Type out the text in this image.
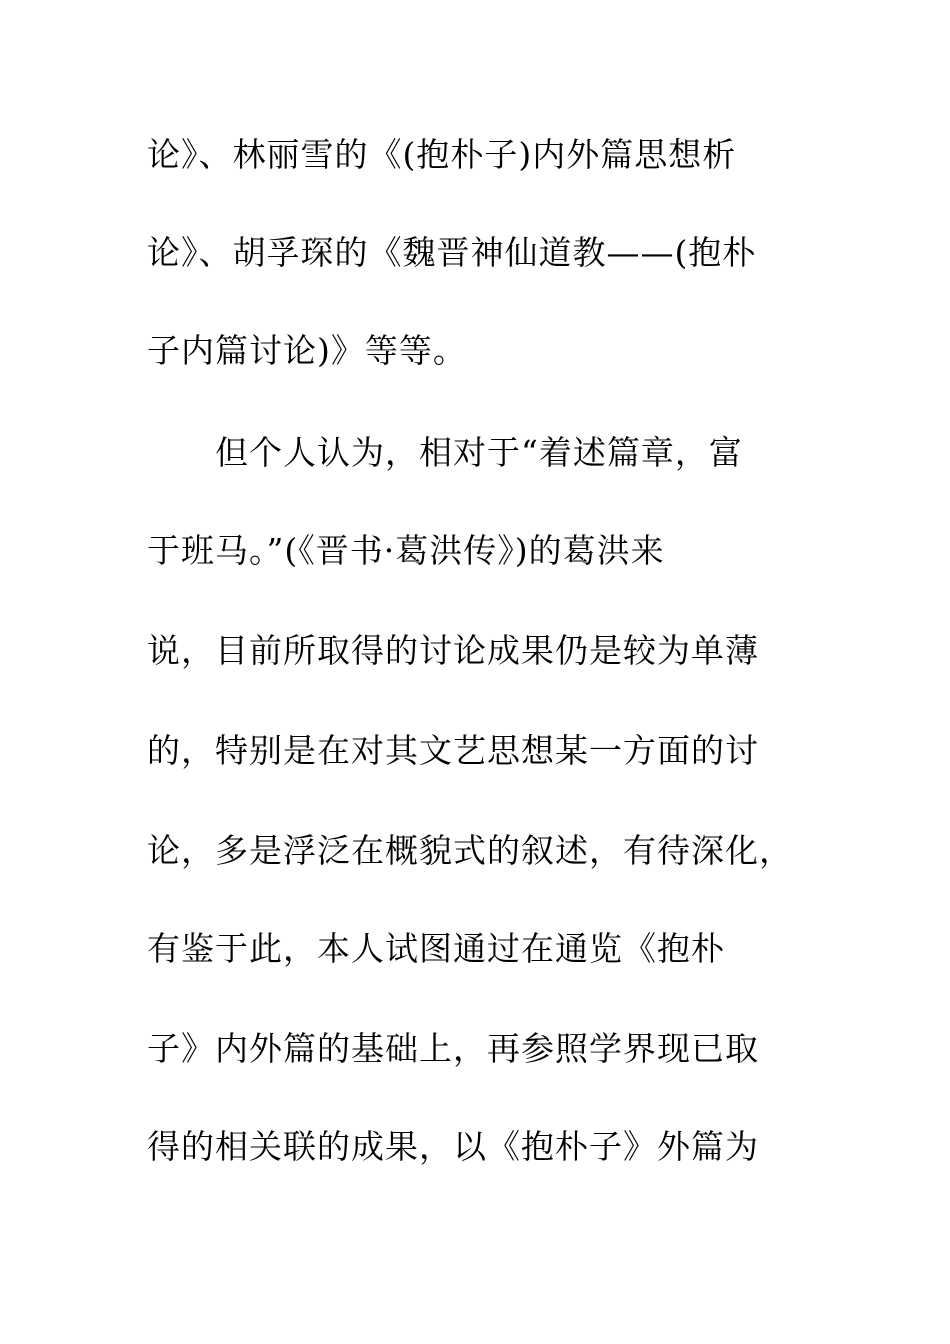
论》、林丽雪的《(抱朴子)内外篇思想析
论》、胡孚琛的《魏晋神仙道教——(抱朴
子内篇讨论)》等等。
但个人认为，相对于“着述篇章，富
于班马。”(《晋书·葛洪传》)的葛洪来
说，目前所取得的讨论成果仍是较为单薄
的，特别是在对其文艺思想某一方面的讨
论，多是浮泛在概貌式的叙述，有待深化，
有鉴于此，本人试图通过在通览《抱朴
子》内外篇的基础上，再参照学界现已取
得的相关联的成果，以《抱朴子》外篇为
